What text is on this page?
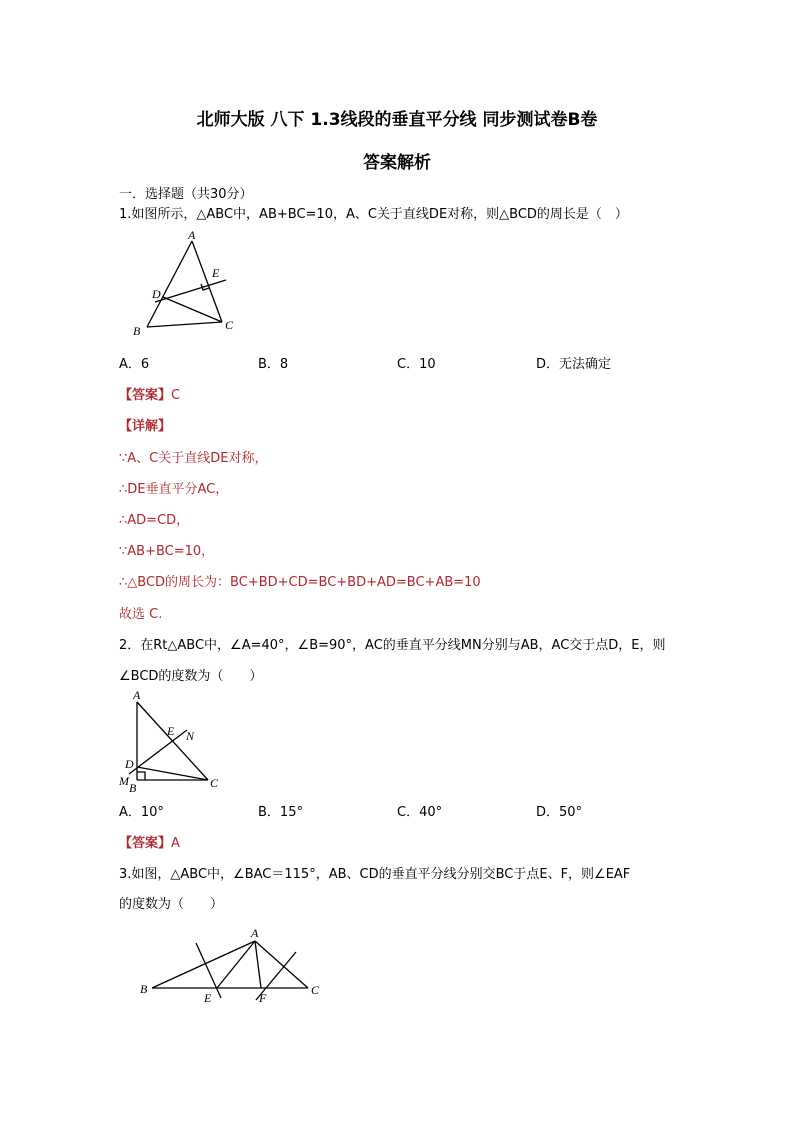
北师大版 八下 1.3线段的垂直平分线 同步测试卷B卷
答案解析
一．选择题（共30分）
1.如图所示，△ABC中，AB+BC=10，A、C关于直线DE对称，则△BCD的周长是（　）
A
E
D
B	C
A．6	B．8	C．10	D．无法确定
【答案】C
【详解】
∵A、C关于直线DE对称，
∴DE垂直平分AC，
∴AD=CD，
∵AB+BC=10，
∴△BCD的周长为：BC+BD+CD=BC+BD+AD=BC+AB=10
故选 C.
2．在Rt△ABC中，∠A=40°，∠B=90°，AC的垂直平分线MN分别与AB，AC交于点D，E，则
∠BCD的度数为（　　）
A
E N
D
M B	C
A．10°	B．15°	C．40°	D．50°
【答案】A
3.如图，△ABC中，∠BAC＝115°，AB、CD的垂直平分线分别交BC于点E、F，则∠EAF
的度数为（　　）
A
B
E	F
C
